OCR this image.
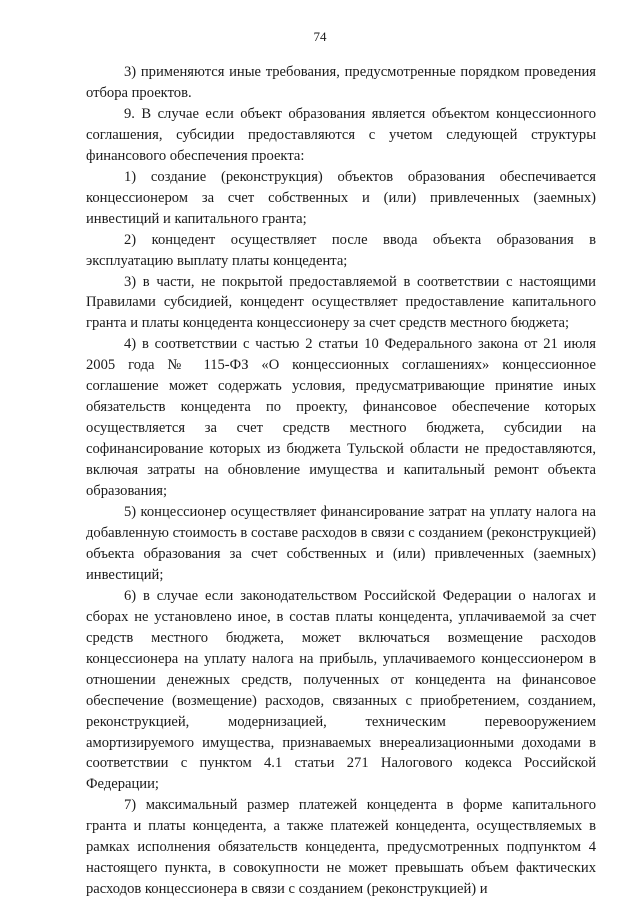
74

3) применяются иные требования, предусмотренные порядком проведения отбора проектов.

9. В случае если объект образования является объектом концессионного соглашения, субсидии предоставляются с учетом следующей структуры финансового обеспечения проекта:

1) создание (реконструкция) объектов образования обеспечивается концессионером за счет собственных и (или) привлеченных (заемных) инвестиций и капитального гранта;

2) концедент осуществляет после ввода объекта образования в эксплуатацию выплату платы концедента;

3) в части, не покрытой предоставляемой в соответствии с настоящими Правилами субсидией, концедент осуществляет предоставление капитального гранта и платы концедента концессионеру за счет средств местного бюджета;

4) в соответствии с частью 2 статьи 10 Федерального закона от 21 июля 2005 года № 115-ФЗ «О концессионных соглашениях» концессионное соглашение может содержать условия, предусматривающие принятие иных обязательств концедента по проекту, финансовое обеспечение которых осуществляется за счет средств местного бюджета, субсидии на софинансирование которых из бюджета Тульской области не предоставляются, включая затраты на обновление имущества и капитальный ремонт объекта образования;

5) концессионер осуществляет финансирование затрат на уплату налога на добавленную стоимость в составе расходов в связи с созданием (реконструкцией) объекта образования за счет собственных и (или) привлеченных (заемных) инвестиций;

6) в случае если законодательством Российской Федерации о налогах и сборах не установлено иное, в состав платы концедента, уплачиваемой за счет средств местного бюджета, может включаться возмещение расходов концессионера на уплату налога на прибыль, уплачиваемого концессионером в отношении денежных средств, полученных от концедента на финансовое обеспечение (возмещение) расходов, связанных с приобретением, созданием, реконструкцией, модернизацией, техническим перевооружением амортизируемого имущества, признаваемых внереализационными доходами в соответствии с пунктом 4.1 статьи 271 Налогового кодекса Российской Федерации;

7) максимальный размер платежей концедента в форме капитального гранта и платы концедента, а также платежей концедента, осуществляемых в рамках исполнения обязательств концедента, предусмотренных подпунктом 4 настоящего пункта, в совокупности не может превышать объем фактических расходов концессионера в связи с созданием (реконструкцией) и
